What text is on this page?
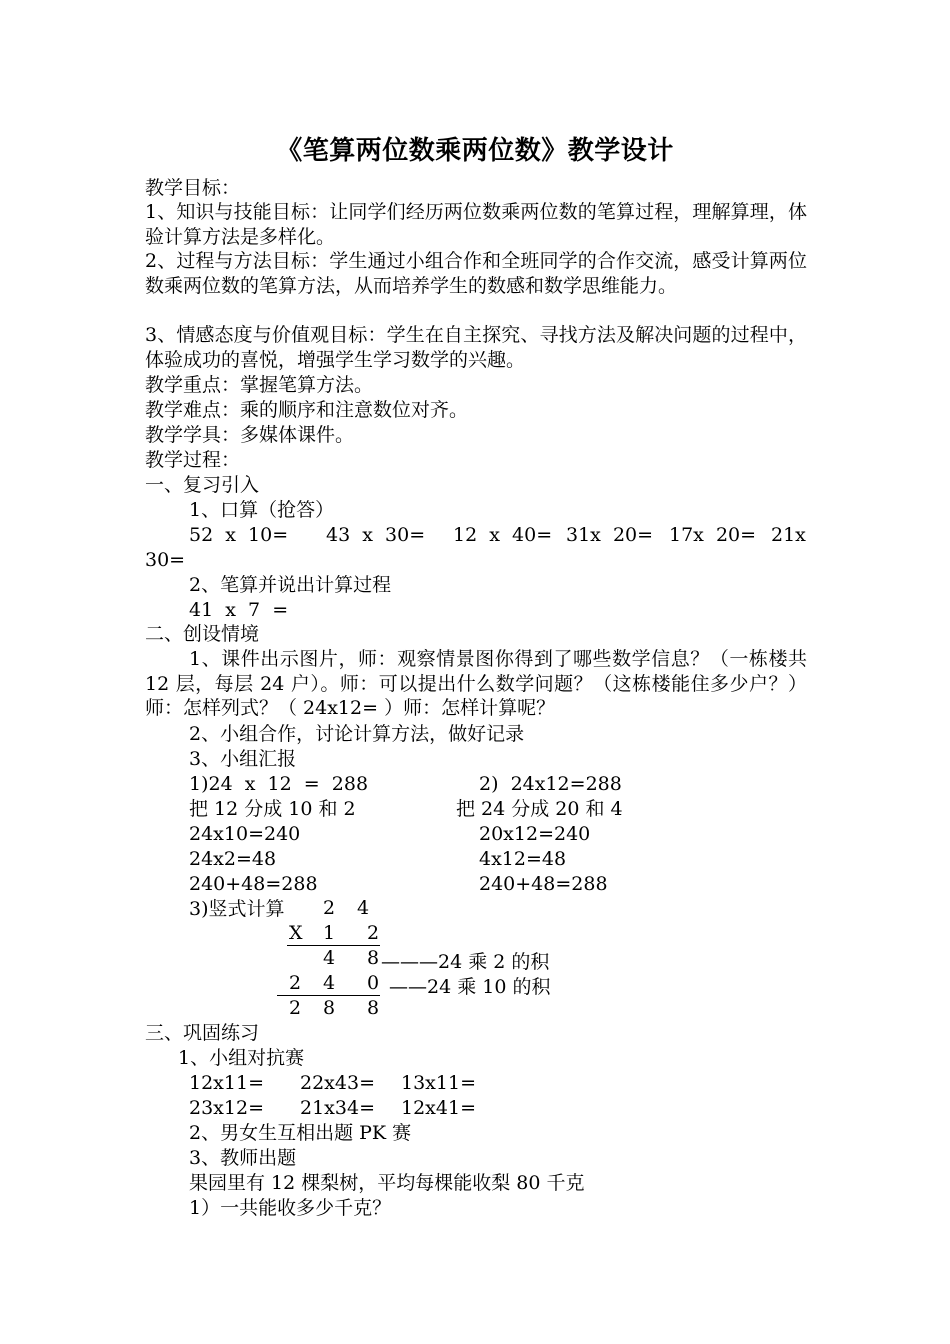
《笔算两位数乘两位数》教学设计
教学目标：
1、知识与技能目标：让同学们经历两位数乘两位数的笔算过程，理解算理，体验计算方法是多样化。
2、过程与方法目标：学生通过小组合作和全班同学的合作交流，感受计算两位数乘两位数的笔算方法，从而培养学生的数感和数学思维能力。
3、情感态度与价值观目标：学生在自主探究、寻找方法及解决问题的过程中，体验成功的喜悦，增强学生学习数学的兴趣。
教学重点：掌握笔算方法。
教学难点：乘的顺序和注意数位对齐。
教学学具：多媒体课件。
教学过程：
一、复习引入
1、口算（抢答）
52  x  10= 43  x  30= 12  x  40= 31x  20= 17x  20= 21x
30=
2、笔算并说出计算过程
41  x  7  =
二、创设情境
1、课件出示图片，师：观察情景图你得到了哪些数学信息？（一栋楼共 12 层，每层 24 户）。师：可以提出什么数学问题？（这栋楼能住多少户？）师：怎样列式？（ 24x12= ）师：怎样计算呢？
2、小组合作，讨论计算方法，做好记录
3、小组汇报
1)24  x  12  =  288
把 12 分成 10 和 2
24x10=240
24x2=48
240+48=288
2)  24x12=288
把 24 分成 20 和 4
20x12=240
4x12=48
240+48=288
3)竖式计算 2 4
X 1 2
4 8 ———24 乘 2 的积
2 4 0 ——24 乘 10 的积
2 8 8
三、巩固练习
1、小组对抗赛
12x11= 22x43= 13x11=
23x12= 21x34= 12x41=
2、男女生互相出题 PK 赛
3、教师出题
果园里有 12 棵梨树，平均每棵能收梨 80 千克
1）一共能收多少千克？
